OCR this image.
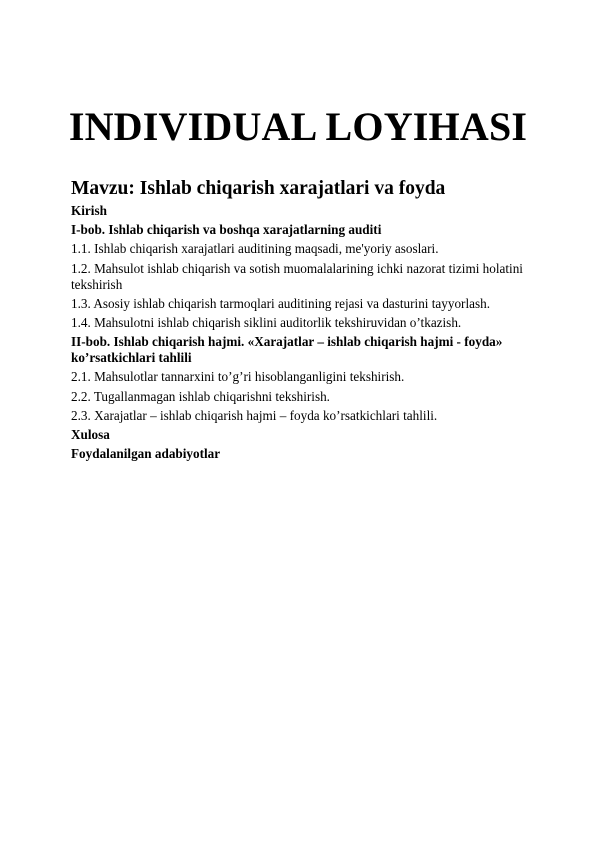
INDIVIDUAL LOYIHASI
Mavzu: Ishlab chiqarish xarajatlari va foyda
Kirish
I-bob. Ishlab chiqarish va boshqa xarajatlarning auditi
1.1. Ishlab chiqarish xarajatlari auditining maqsadi, me'yoriy asoslari.
1.2. Mahsulot ishlab chiqarish va sotish muomalalarining ichki nazorat tizimi holatini tekshirish
1.3. Asosiy ishlab chiqarish tarmoqlari auditining rejasi va dasturini tayyorlash.
1.4. Mahsulotni ishlab chiqarish siklini auditorlik tekshiruvidan o’tkazish.
II-bob. Ishlab chiqarish hajmi. «Xarajatlar – ishlab chiqarish hajmi - foyda» ko’rsatkichlari tahlili
2.1. Mahsulotlar tannarxini to’g’ri hisoblanganligini tekshirish.
2.2. Tugallanmagan ishlab chiqarishni tekshirish.
2.3. Xarajatlar – ishlab chiqarish hajmi – foyda ko’rsatkichlari tahlili.
Xulosa
Foydalanilgan adabiyotlar
